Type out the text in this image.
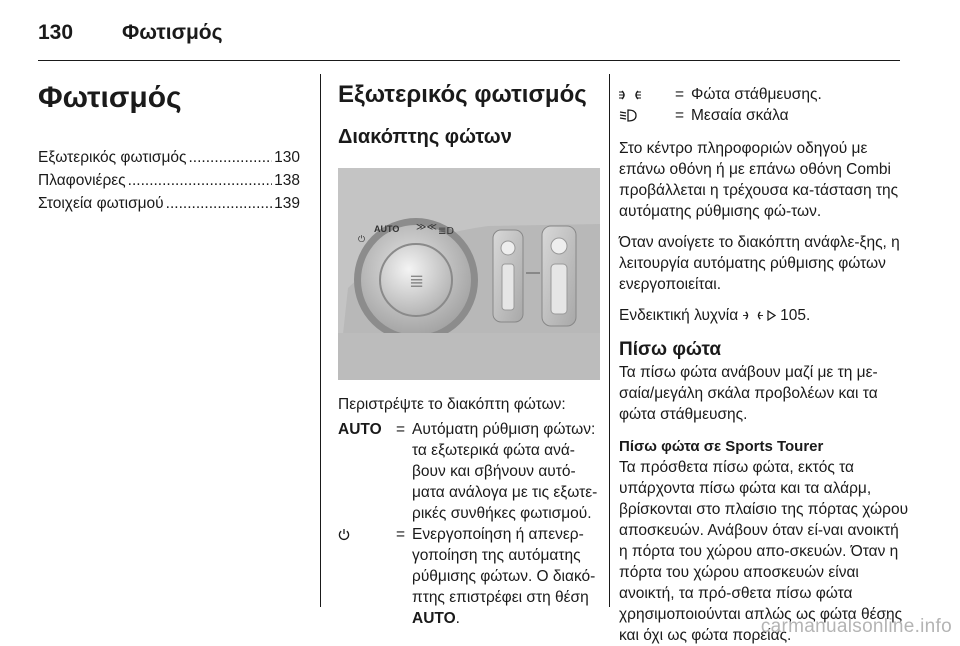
130	Φωτισμός
Φωτισμός
Εξωτερικός φωτισμός .....	130
Πλαφονιέρες .....	138
Στοιχεία φωτισμού .....	139
Εξωτερικός φωτισμός
Διακόπτης φώτων
≣
⏻
AUTO ≫≪ ≣D

Περιστρέψτε το διακόπτη φώτων:

AUTO = Αυτόματη ρύθμιση φώτων: τα εξωτερικά φώτα ανά-βουν και σβήνουν αυτό-ματα ανάλογα με τις εξωτε-ρικές συνθήκες φωτισμού.
= Ενεργοποίηση ή απενερ-γοποίηση της αυτόματης ρύθμισης φώτων. Ο διακό-πτης επιστρέφει στη θέση AUTO.
= Φώτα στάθμευσης.
= Μεσαία σκάλα

Στο κέντρο πληροφοριών οδηγού με επάνω οθόνη ή με επάνω οθόνη Combi προβάλλεται η τρέχουσα κα-τάσταση της αυτόματης ρύθμισης φώ-των.

Όταν ανοίγετε το διακόπτη ανάφλε-ξης, η λειτουργία αυτόματης ρύθμισης φώτων ενεργοποιείται.

Ενδεικτική λυχνία	105.

Πίσω φώτα

Τα πίσω φώτα ανάβουν μαζί με τη με-σαία/μεγάλη σκάλα προβολέων και τα φώτα στάθμευσης.

Πίσω φώτα σε Sports Tourer

Τα πρόσθετα πίσω φώτα, εκτός τα υπάρχοντα πίσω φώτα και τα αλάρμ, βρίσκονται στο πλαίσιο της πόρτας χώρου αποσκευών. Ανάβουν όταν εί-ναι ανοικτή η πόρτα του χώρου απο-σκευών. Όταν η πόρτα του χώρου αποσκευών είναι ανοικτή, τα πρό-σθετα πίσω φώτα χρησιμοποιούνται απλώς ως φώτα θέσης και όχι ως φώτα πορείας.

carmanualsonline.info
